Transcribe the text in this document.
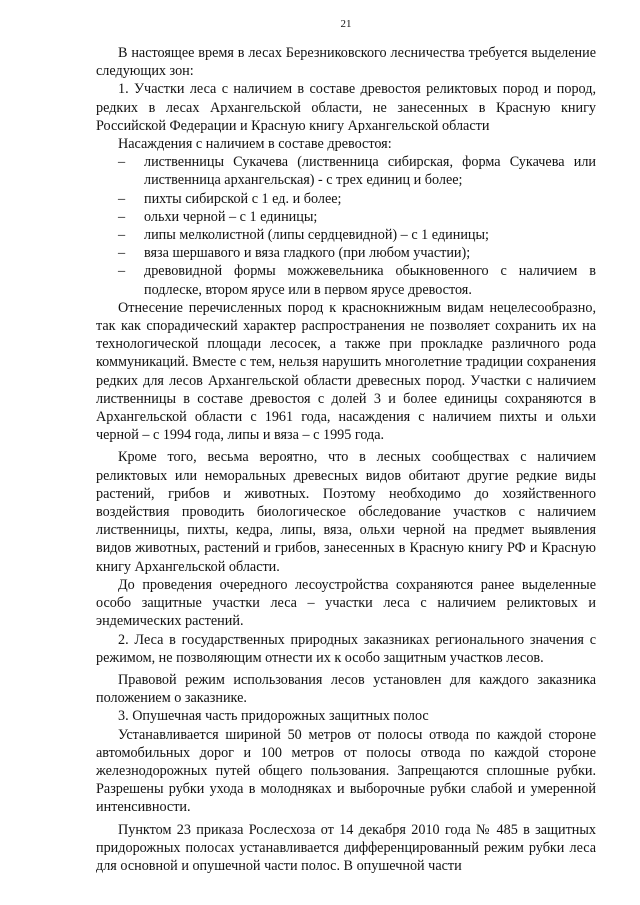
21

В настоящее время в лесах Березниковского лесничества требуется выделение следующих зон:

1. Участки леса с наличием в составе древостоя реликтовых пород и пород, редких в лесах Архангельской области, не занесенных в Красную книгу Российской Федерации и Красную книгу Архангельской области

Насаждения с наличием в составе древостоя:

–	лиственницы Сукачева (лиственница сибирская, форма Сукачева или лиственница архангельская) - с трех единиц и более;
–	пихты сибирской с 1 ед. и более;
–	ольхи черной – с 1 единицы;
–	липы мелколистной (липы сердцевидной) – с 1 единицы;
–	вяза шершавого и вяза гладкого (при любом участии);
–	древовидной формы можжевельника обыкновенного с наличием в подлеске, втором ярусе или в первом ярусе древостоя.

Отнесение перечисленных пород к краснокнижным видам нецелесообразно, так как спорадический характер распространения не позволяет сохранить их на технологической площади лесосек, а также при прокладке различного рода коммуникаций. Вместе с тем, нельзя нарушить многолетние традиции сохранения редких для лесов Архангельской области древесных пород. Участки с наличием лиственницы в составе древостоя с долей 3 и более единицы сохраняются в Архангельской области с 1961 года, насаждения с наличием пихты и ольхи черной – с 1994 года, липы и вяза – с 1995 года.

Кроме того, весьма вероятно, что в лесных сообществах с наличием реликтовых или неморальных древесных видов обитают другие редкие виды растений, грибов и животных. Поэтому необходимо до хозяйственного воздействия проводить биологическое обследование участков с наличием лиственницы, пихты, кедра, липы, вяза, ольхи черной на предмет выявления видов животных, растений и грибов, занесенных в Красную книгу РФ и Красную книгу Архангельской области.

До проведения очередного лесоустройства сохраняются ранее выделенные особо защитные участки леса – участки леса с наличием реликтовых и эндемических растений.

2. Леса в государственных природных заказниках регионального значения с режимом, не позволяющим отнести их к особо защитным участков лесов.

Правовой режим использования лесов установлен для каждого заказника положением о заказнике.

3. Опушечная часть придорожных защитных полос

Устанавливается шириной 50 метров от полосы отвода по каждой стороне автомобильных дорог и 100 метров от полосы отвода по каждой стороне железнодорожных путей общего пользования. Запрещаются сплошные рубки. Разрешены рубки ухода в молодняках и выборочные рубки слабой и умеренной интенсивности.

Пунктом 23 приказа Рослесхоза от 14 декабря 2010 года № 485 в защитных придорожных полосах устанавливается дифференцированный режим рубки леса для основной и опушечной части полос. В опушечной части
